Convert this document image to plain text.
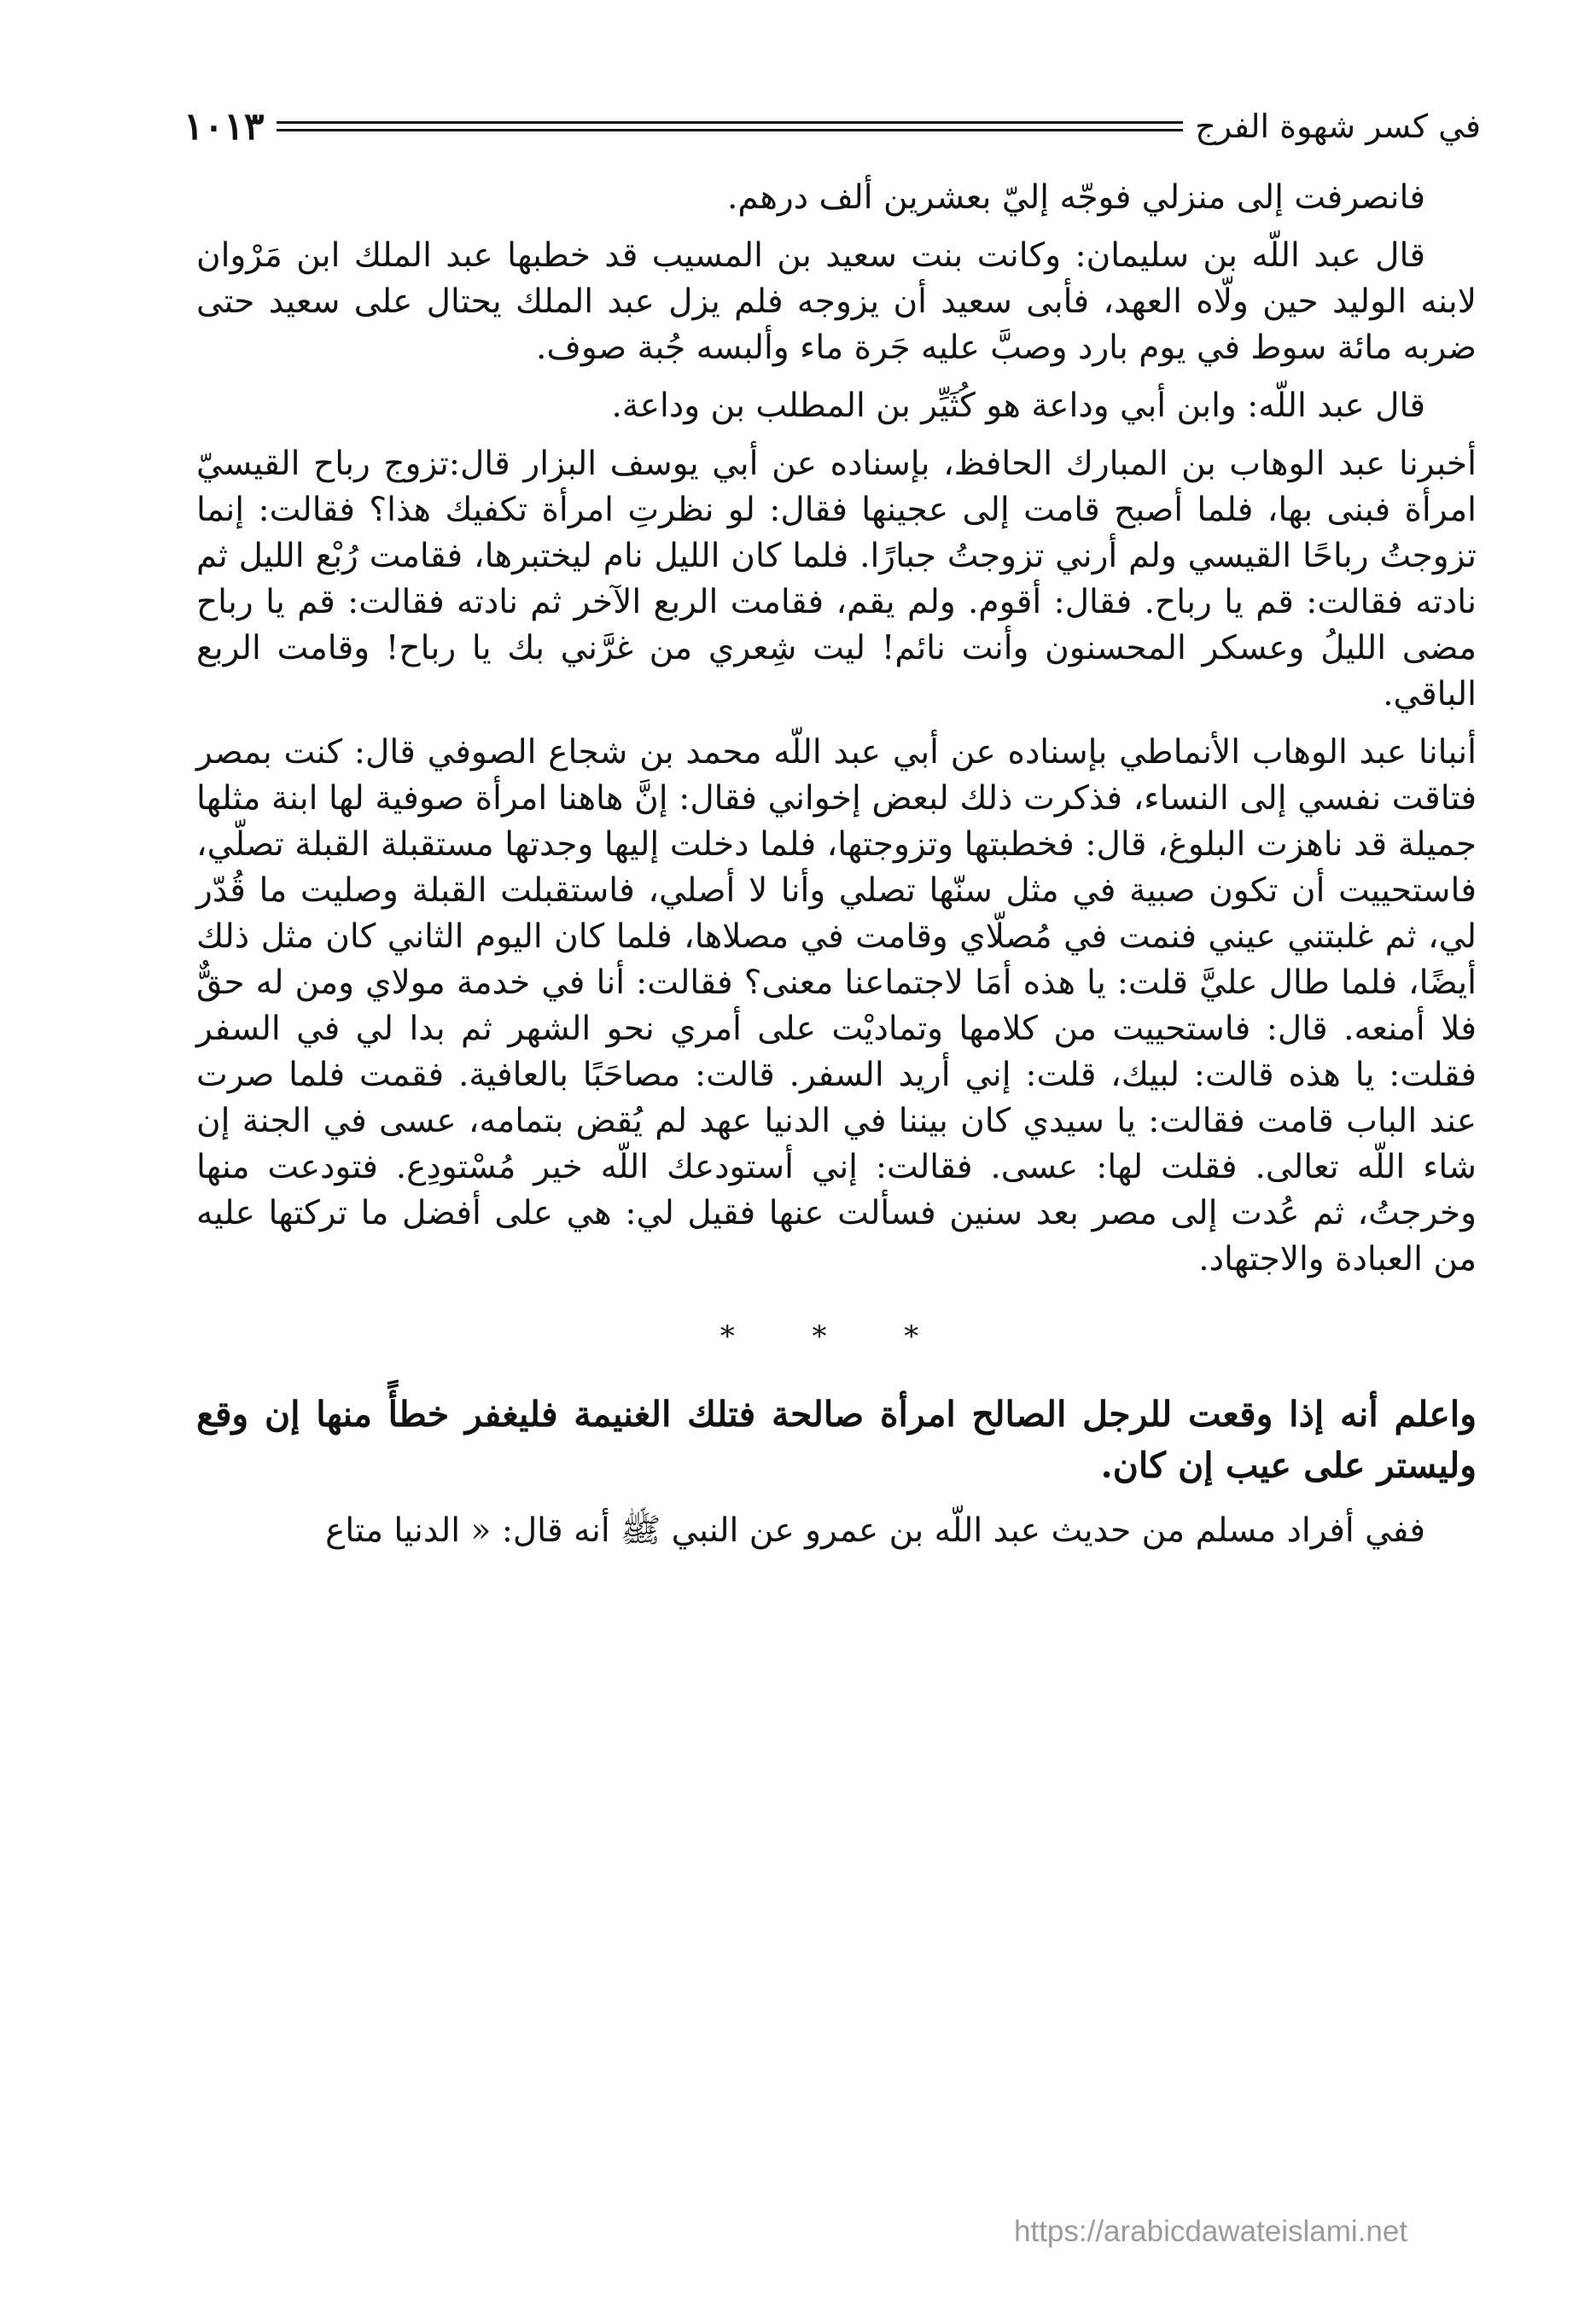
في كسر شهوة الفرج
١٠١٣

فانصرفت إلى منزلي فوجّه إليّ بعشرين ألف درهم.

قال عبد اللّه بن سليمان: وكانت بنت سعيد بن المسيب قد خطبها عبد الملك ابن مَرْوان لابنه الوليد حين ولّاه العهد، فأبى سعيد أن يزوجه فلم يزل عبد الملك يحتال على سعيد حتى ضربه مائة سوط في يوم بارد وصبَّ عليه جَرة ماء وألبسه جُبة صوف.

قال عبد اللّه: وابن أبي وداعة هو كُثَيِّر بن المطلب بن وداعة.

أخبرنا عبد الوهاب بن المبارك الحافظ، بإسناده عن أبي يوسف البزار قال:تزوج رباح القيسيّ امرأة فبنى بها، فلما أصبح قامت إلى عجينها فقال: لو نظرتِ امرأة تكفيك هذا؟ فقالت: إنما تزوجتُ رباحًا القيسي ولم أرني تزوجتُ جبارًا. فلما كان الليل نام ليختبرها، فقامت رُبْع الليل ثم نادته فقالت: قم يا رباح. فقال: أقوم. ولم يقم، فقامت الربع الآخر ثم نادته فقالت: قم يا رباح مضى الليلُ وعسكر المحسنون وأنت نائم! ليت شِعري من غرَّني بك يا رباح! وقامت الربع الباقي.

أنبانا عبد الوهاب الأنماطي بإسناده عن أبي عبد اللّه محمد بن شجاع الصوفي قال: كنت بمصر فتاقت نفسي إلى النساء، فذكرت ذلك لبعض إخواني فقال: إنَّ هاهنا امرأة صوفية لها ابنة مثلها جميلة قد ناهزت البلوغ، قال: فخطبتها وتزوجتها، فلما دخلت إليها وجدتها مستقبلة القبلة تصلّي، فاستحييت أن تكون صبية في مثل سنّها تصلي وأنا لا أصلي، فاستقبلت القبلة وصليت ما قُدّر لي، ثم غلبتني عيني فنمت في مُصلّاي وقامت في مصلاها، فلما كان اليوم الثاني كان مثل ذلك أيضًا، فلما طال عليَّ قلت: يا هذه أمَا لاجتماعنا معنى؟ فقالت: أنا في خدمة مولاي ومن له حقٌّ فلا أمنعه. قال: فاستحييت من كلامها وتماديْت على أمري نحو الشهر ثم بدا لي في السفر فقلت: يا هذه قالت: لبيك، قلت: إني أريد السفر. قالت: مصاحَبًا بالعافية. فقمت فلما صرت عند الباب قامت فقالت: يا سيدي كان بيننا في الدنيا عهد لم يُقض بتمامه، عسى في الجنة إن شاء اللّه تعالى. فقلت لها: عسى. فقالت: إني أستودعك اللّه خير مُسْتودِع. فتودعت منها وخرجتُ، ثم عُدت إلى مصر بعد سنين فسألت عنها فقيل لي: هي على أفضل ما تركتها عليه من العبادة والاجتهاد.

* * *

واعلم أنه إذا وقعت للرجل الصالح امرأة صالحة فتلك الغنيمة فليغفر خطأً منها إن وقع وليستر على عيب إن كان.

ففي أفراد مسلم من حديث عبد اللّه بن عمرو عن النبي ﷺ أنه قال: « الدنيا متاع

https://arabicdawateislami.net
